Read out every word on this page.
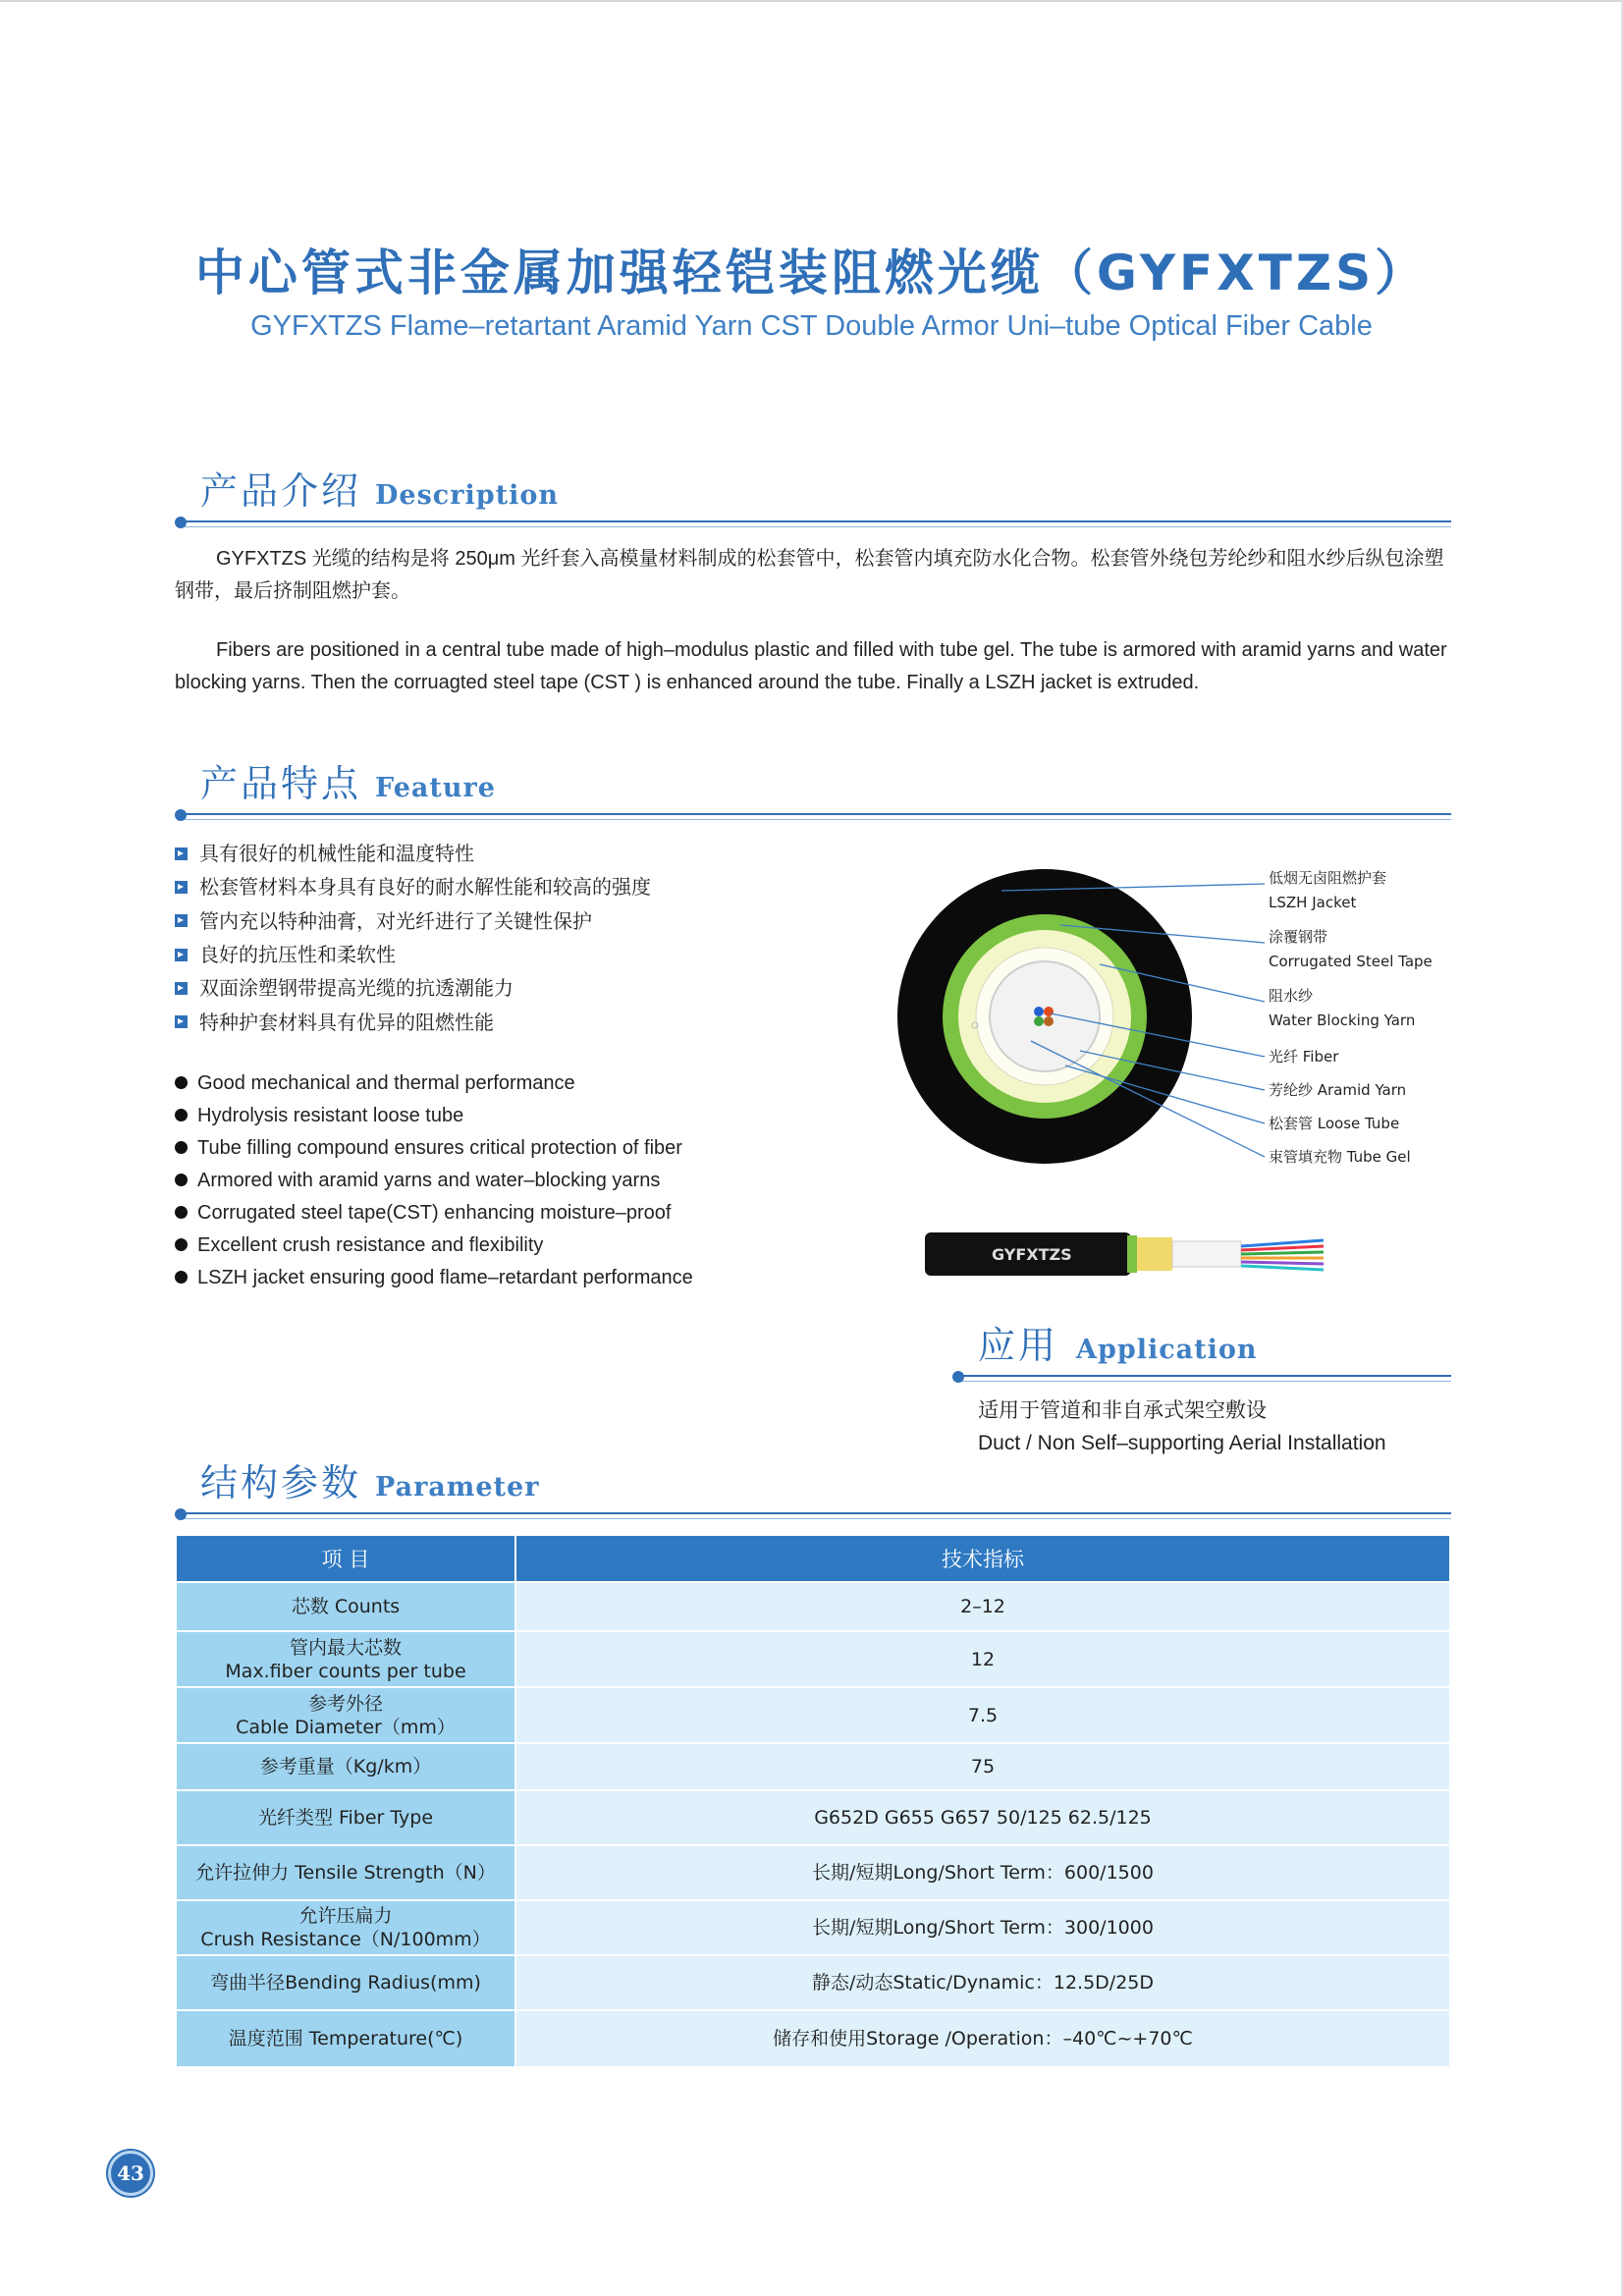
中心管式非金属加强轻铠装阻燃光缆（GYFXTZS）
GYFXTZS Flame–retartant Aramid Yarn CST Double Armor Uni–tube Optical Fiber Cable
产品介绍 Description

GYFXTZS 光缆的结构是将 250μm 光纤套入高模量材料制成的松套管中，松套管内填充防水化合物。松套管外绕包芳纶纱和阻水纱后纵包涂塑钢带，最后挤制阻燃护套。

Fibers are positioned in a central tube made of high–modulus plastic and filled with tube gel. The tube is armored with aramid yarns and water blocking yarns. Then the corruagted steel tape (CST ) is enhanced around the tube. Finally a LSZH jacket is extruded.

产品特点 Feature
具有很好的机械性能和温度特性
松套管材料本身具有良好的耐水解性能和较高的强度
管内充以特种油膏，对光纤进行了关键性保护
良好的抗压性和柔软性
双面涂塑钢带提高光缆的抗透潮能力
特种护套材料具有优异的阻燃性能
Good mechanical and thermal performance
Hydrolysis resistant loose tube
Tube filling compound ensures critical protection of fiber
Armored with aramid yarns and water–blocking yarns
Corrugated steel tape(CST) enhancing moisture–proof
Excellent crush resistance and flexibility
LSZH jacket ensuring good flame–retardant performance
低烟无卤阻燃护套
LSZH Jacket
涂覆钢带
Corrugated Steel Tape
阻水纱
Water Blocking Yarn
光纤 Fiber
芳纶纱 Aramid Yarn
松套管 Loose Tube
束管填充物 Tube Gel
GYFXTZS
应用 Application
适用于管道和非自承式架空敷设
Duct / Non Self–supporting Aerial Installation
结构参数 Parameter
项 目	技术指标

芯数 Counts	2–12

管内最大芯数
Max.fiber counts per tube	12

参考外径
Cable Diameter（mm）	7.5

参考重量（Kg/km）	75

光纤类型 Fiber Type	G652D G655 G657 50/125 62.5/125

允许拉伸力 Tensile Strength（N）	长期/短期Long/Short Term：600/1500

允许压扁力
Crush Resistance（N/100mm）	长期/短期Long/Short Term：300/1000

弯曲半径Bending Radius(mm)	静态/动态Static/Dynamic：12.5D/25D

温度范围 Temperature(℃)	储存和使用Storage /Operation：–40℃~+70℃
43
